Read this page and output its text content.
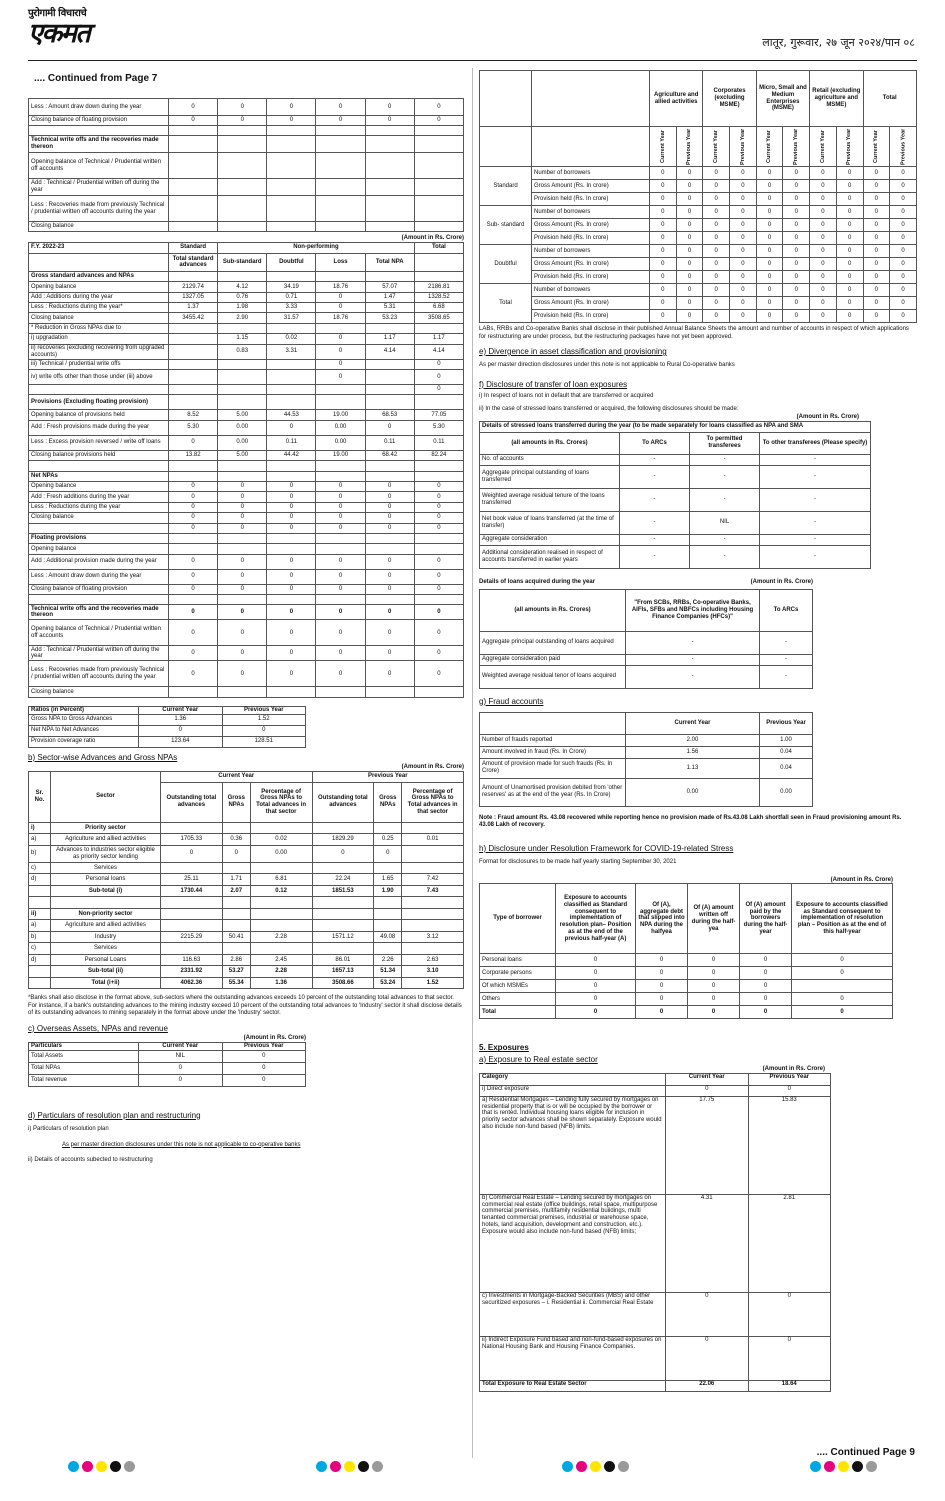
पुरोगामी विचाराचे
एकमत	लातूर, गुरूवार, २७ जून २०२४/पान ०८
.... Continued from Page 7
Less : Amount draw down during the year	0	0	0	0	0	0
Closing balance of floating provision	0	0	0	0	0	0

Technical write offs and the recoveries made thereon						
Opening balance of Technical / Prudential written off accounts						
Add : Technical / Prudential written off during the year						
Less : Recoveries made from previously Technical / prudential written off accounts during the year						
Closing balance						
(Amount in Rs. Crore)
F.Y. 2022-23	Standard	Non-performing				Total
	Total standard advances	Sub-standard	Doubtful	Loss	Total NPA	
Gross standard advances and NPAs						
Opening balance	2129.74	4.12	34.19	18.76	57.07	2186.81
Add : Additions during the year	1327.05	0.76	0.71	0	1.47	1328.52
Less : Reductions during the year*	1.37	1.98	3.33	0	5.31	6.68
Closing balance	3455.42	2.90	31.57	18.76	53.23	3508.65
* Reduction in Gross NPAs due to						
i) upgradation		1.15	0.02	0	1.17	1.17
ii) recoveries (excluding recovering from upgraded accounts)		0.83	3.31	0	4.14	4.14
iii) Technical / prudential write offs				0		0
iv) write offs other than those under (iii) above				0		0
						0
Provisions (Excluding floating provision)						
Opening balance of provisions held	8.52	5.00	44.53	19.00	68.53	77.05
Add : Fresh provisions made during the year	5.30	0.00	0	0.00	0	5.30
Less : Excess provision reversed / write off loans	0	0.00	0.11	0.00	0.11	0.11
Closing balance provisions held	13.82	5.00	44.42	19.00	68.42	82.24

Net NPAs						
Opening balance	0	0	0	0	0	0
Add : Fresh additions during the year	0	0	0	0	0	0
Less : Reductions during the year	0	0	0	0	0	0
Closing balance	0	0	0	0	0	0
	0	0	0	0	0	0
Floating provisions						
Opening balance						
Add : Additional provision made during the year	0	0	0	0	0	0
Less : Amount draw down during the year	0	0	0	0	0	0
Closing balance of floating provision	0	0	0	0	0	0

Technical write offs and the recoveries made thereon	0	0	0	0	0	0
Opening balance of Technical / Prudential written off accounts	0	0	0	0	0	0
Add : Technical / Prudential written off during the year	0	0	0	0	0	0
Less : Recoveries made from previously Technical / prudential written off accounts during the year	0	0	0	0	0	0
Closing balance						
Ratios (in Percent)	Current Year	Previous Year
Gross NPA to Gross Advances	1.36	1.52
Net NPA to Net Advances	0	0
Provision coverage ratio	123.64	128.51
b) Sector-wise Advances and Gross NPAs
(Amount in Rs. Crore)
Sr. No.	Sector	Current Year			Previous Year		
		Outstanding total advances	Gross NPAs	Percentage of Gross NPAs to Total advances in that sector	Outstanding total advances	Gross NPAs	Percentage of Gross NPAs to Total advances in that sector
i)	Priority sector						
a)	Agriculture and allied activities	1705.33	0.36	0.02	1829.29	0.25	0.01
b)	Advances to industries sector eligible as priority sector lending	0	0	0.00	0	0	
c)	Services						
d)	Personal loans	25.11	1.71	6.81	22.24	1.65	7.42
	Sub-total (i)	1730.44	2.07	0.12	1851.53	1.90	7.43

ii)	Non-priority sector						
a)	Agriculture and allied activities						
b)	Industry	2215.29	50.41	2.28	1571.12	49.08	3.12
c)	Services						
d)	Personal Loans	116.63	2.86	2.45	86.01	2.26	2.63
	Sub-total (ii)	2331.92	53.27	2.28	1657.13	51.34	3.10
	Total (i+ii)	4062.36	55.34	1.36	3508.66	53.24	1.52
*Banks shall also disclose in the format above, sub-sectors where the outstanding advances exceeds 10 percent of the outstanding total advances to that sector. For instance, if a bank's outstanding advances to the mining industry exceed 10 percent of the outstanding total advances to 'Industry' sector it shall disclose details of its outstanding advances to mining separately in the format above under the 'Industry' sector.
c) Overseas Assets, NPAs and revenue
(Amount in Rs. Crore)
Particulars	Current Year	Previous Year
Total Assets	NIL	0
Total NPAs	0	0
Total revenue	0	0
d) Particulars of resolution plan and restructuring
i) Particulars of resolution plan
As per master direction disclosures under this note is not applicable to co-operative banks
ii) Details of accounts subected to restructuring
		Agriculture and allied activities		Corporates (excluding MSME)		Micro, Small and Medium Enterprises (MSME)		Retail (excluding agriculture and MSME)		Total	
		Current Year	Previous Year	Current Year	Previous Year	Current Year	Previous Year	Current Year	Previous Year	Current Year	Previous Year
Standard	Number of borrowers	0	0	0	0	0	0	0	0	0	0
	Gross Amount (Rs. In crore)	0	0	0	0	0	0	0	0	0	0
	Provision held (Rs. In crore)	0	0	0	0	0	0	0	0	0	0
Sub- standard	Number of borrowers	0	0	0	0	0	0	0	0	0	0
	Gross Amount (Rs. In crore)	0	0	0	0	0	0	0	0	0	0
	Provision held (Rs. In crore)	0	0	0	0	0	0	0	0	0	0
Doubtful	Number of borrowers	0	0	0	0	0	0	0	0	0	0
	Gross Amount (Rs. In crore)	0	0	0	0	0	0	0	0	0	0
	Provision held (Rs. In crore)	0	0	0	0	0	0	0	0	0	0
Total	Number of borrowers	0	0	0	0	0	0	0	0	0	0
	Gross Amount (Rs. In crore)	0	0	0	0	0	0	0	0	0	0
	Provision held (Rs. In crore)	0	0	0	0	0	0	0	0	0	0
LABs, RRBs and Co-operative Banks shall disclose in their published Annual Balance Sheets the amount and number of accounts in respect of which applications for restructuring are under process, but the restructuring packages have not yet been approved.
e) Divergence in asset classification and provisioning
As per master direction disclosures under this note is not applicable to Rural Co-operative banks
f) Disclosure of transfer of loan exposures
i) In respect of loans not in default that are transferred or acquired
ii) In the case of stressed loans transferred or acquired, the following disclosures should be made:
(Amount in Rs. Crore)
Details of stressed loans transferred during the year (to be made separately for loans classified as NPA and SMA			
(all amounts in Rs. Crores)	To ARCs	To permitted transferees	To other transferees (Please specify)
No. of accounts	-	-	-
Aggregate principal outstanding of loans transferred	-	-	-
Weighted average residual tenure of the loans transferred	-	-	-
Net book value of loans transferred (at the time of transfer)	-	NIL	-
Aggregate consideration	-	-	-
Additional consideration realised in respect of accounts transferred in earlier years	-	-	-
Details of loans acquired during the year	(Amount in Rs. Crore)
(all amounts in Rs. Crores)	"From SCBs, RRBs, Co-operative Banks, AIFIs, SFBs and NBFCs including Housing Finance Companies (HFCs)"	To ARCs
Aggregate principal outstanding of loans acquired	-	-
Aggregate consideration paid	-	-
Weighted average residual tenor of loans acquired	-	-
g) Fraud accounts
	Current Year	Previous Year
Number of frauds reported	2.00	1.00
Amount involved in fraud (Rs. In Crore)	1.56	0.04
Amount of provision made for such frauds (Rs. In Crore)	1.13	0.04
Amount of Unamortised provision debited from 'other reserves' as at the end of the year (Rs. In Crore)	0.00	0.00
Note : Fraud amount Rs. 43.08 recovered while reporting hence no provision made of Rs.43.08 Lakh shortfall seen in Fraud provisioning amount Rs. 43.08 Lakh of recovery.
h) Disclosure under Resolution Framework for COVID-19-related Stress
Format for disclosures to be made half yearly starting September 30, 2021
(Amount in Rs. Crore)
Type of borrower	Exposure to accounts classified as Standard consequent to implementation of resolution plan– Position as at the end of the previous half-year (A)	Of (A), aggregate debt that slipped into NPA during the halfyea	Of (A) amount written off during the half-yea	Of (A) amount paid by the borrowers during the half- year	Exposure to accounts classified as Standard consequent to implementation of resolution plan – Position as at the end of this half-year
Personal loans	0	0	0	0	0
Corporate persons	0	0	0	0	0
Of which MSMEs	0	0	0	0	
Others	0	0	0	0	0
Total	0	0	0	0	0
5. Exposures
a) Exposure to Real estate sector
(Amount in Rs. Crore)
Category	Current Year	Previous Year
i) Direct exposure	0	0
a) Residential Mortgages – Lending fully secured by mortgages on residential property that is or will be occupied by the borrower or that is rented. Individual housing loans eligible for inclusion in priority sector advances shall be shown separately. Exposure would also include non-fund based (NFB) limits.	17.75	15.83
b) Commercial Real Estate – Lending secured by mortgages on commercial real estate (office buildings, retail space, multipurpose commercial premises, multifamily residential buildings, multi tenanted commercial premises, industrial or warehouse space, hotels, land acquisition, development and construction, etc.). Exposure would also include non-fund based (NFB) limits;	4.31	2.81
c) Investments in Mortgage-Backed Securities (MBS) and other securitized exposures – i. Residential ii. Commercial Real Estate	0	0
ii) Indirect Exposure Fund based and non-fund-based exposures on National Housing Bank and Housing Finance Companies.	0	0
Total Exposure to Real Estate Sector	22.06	18.64
.... Continued Page 9
